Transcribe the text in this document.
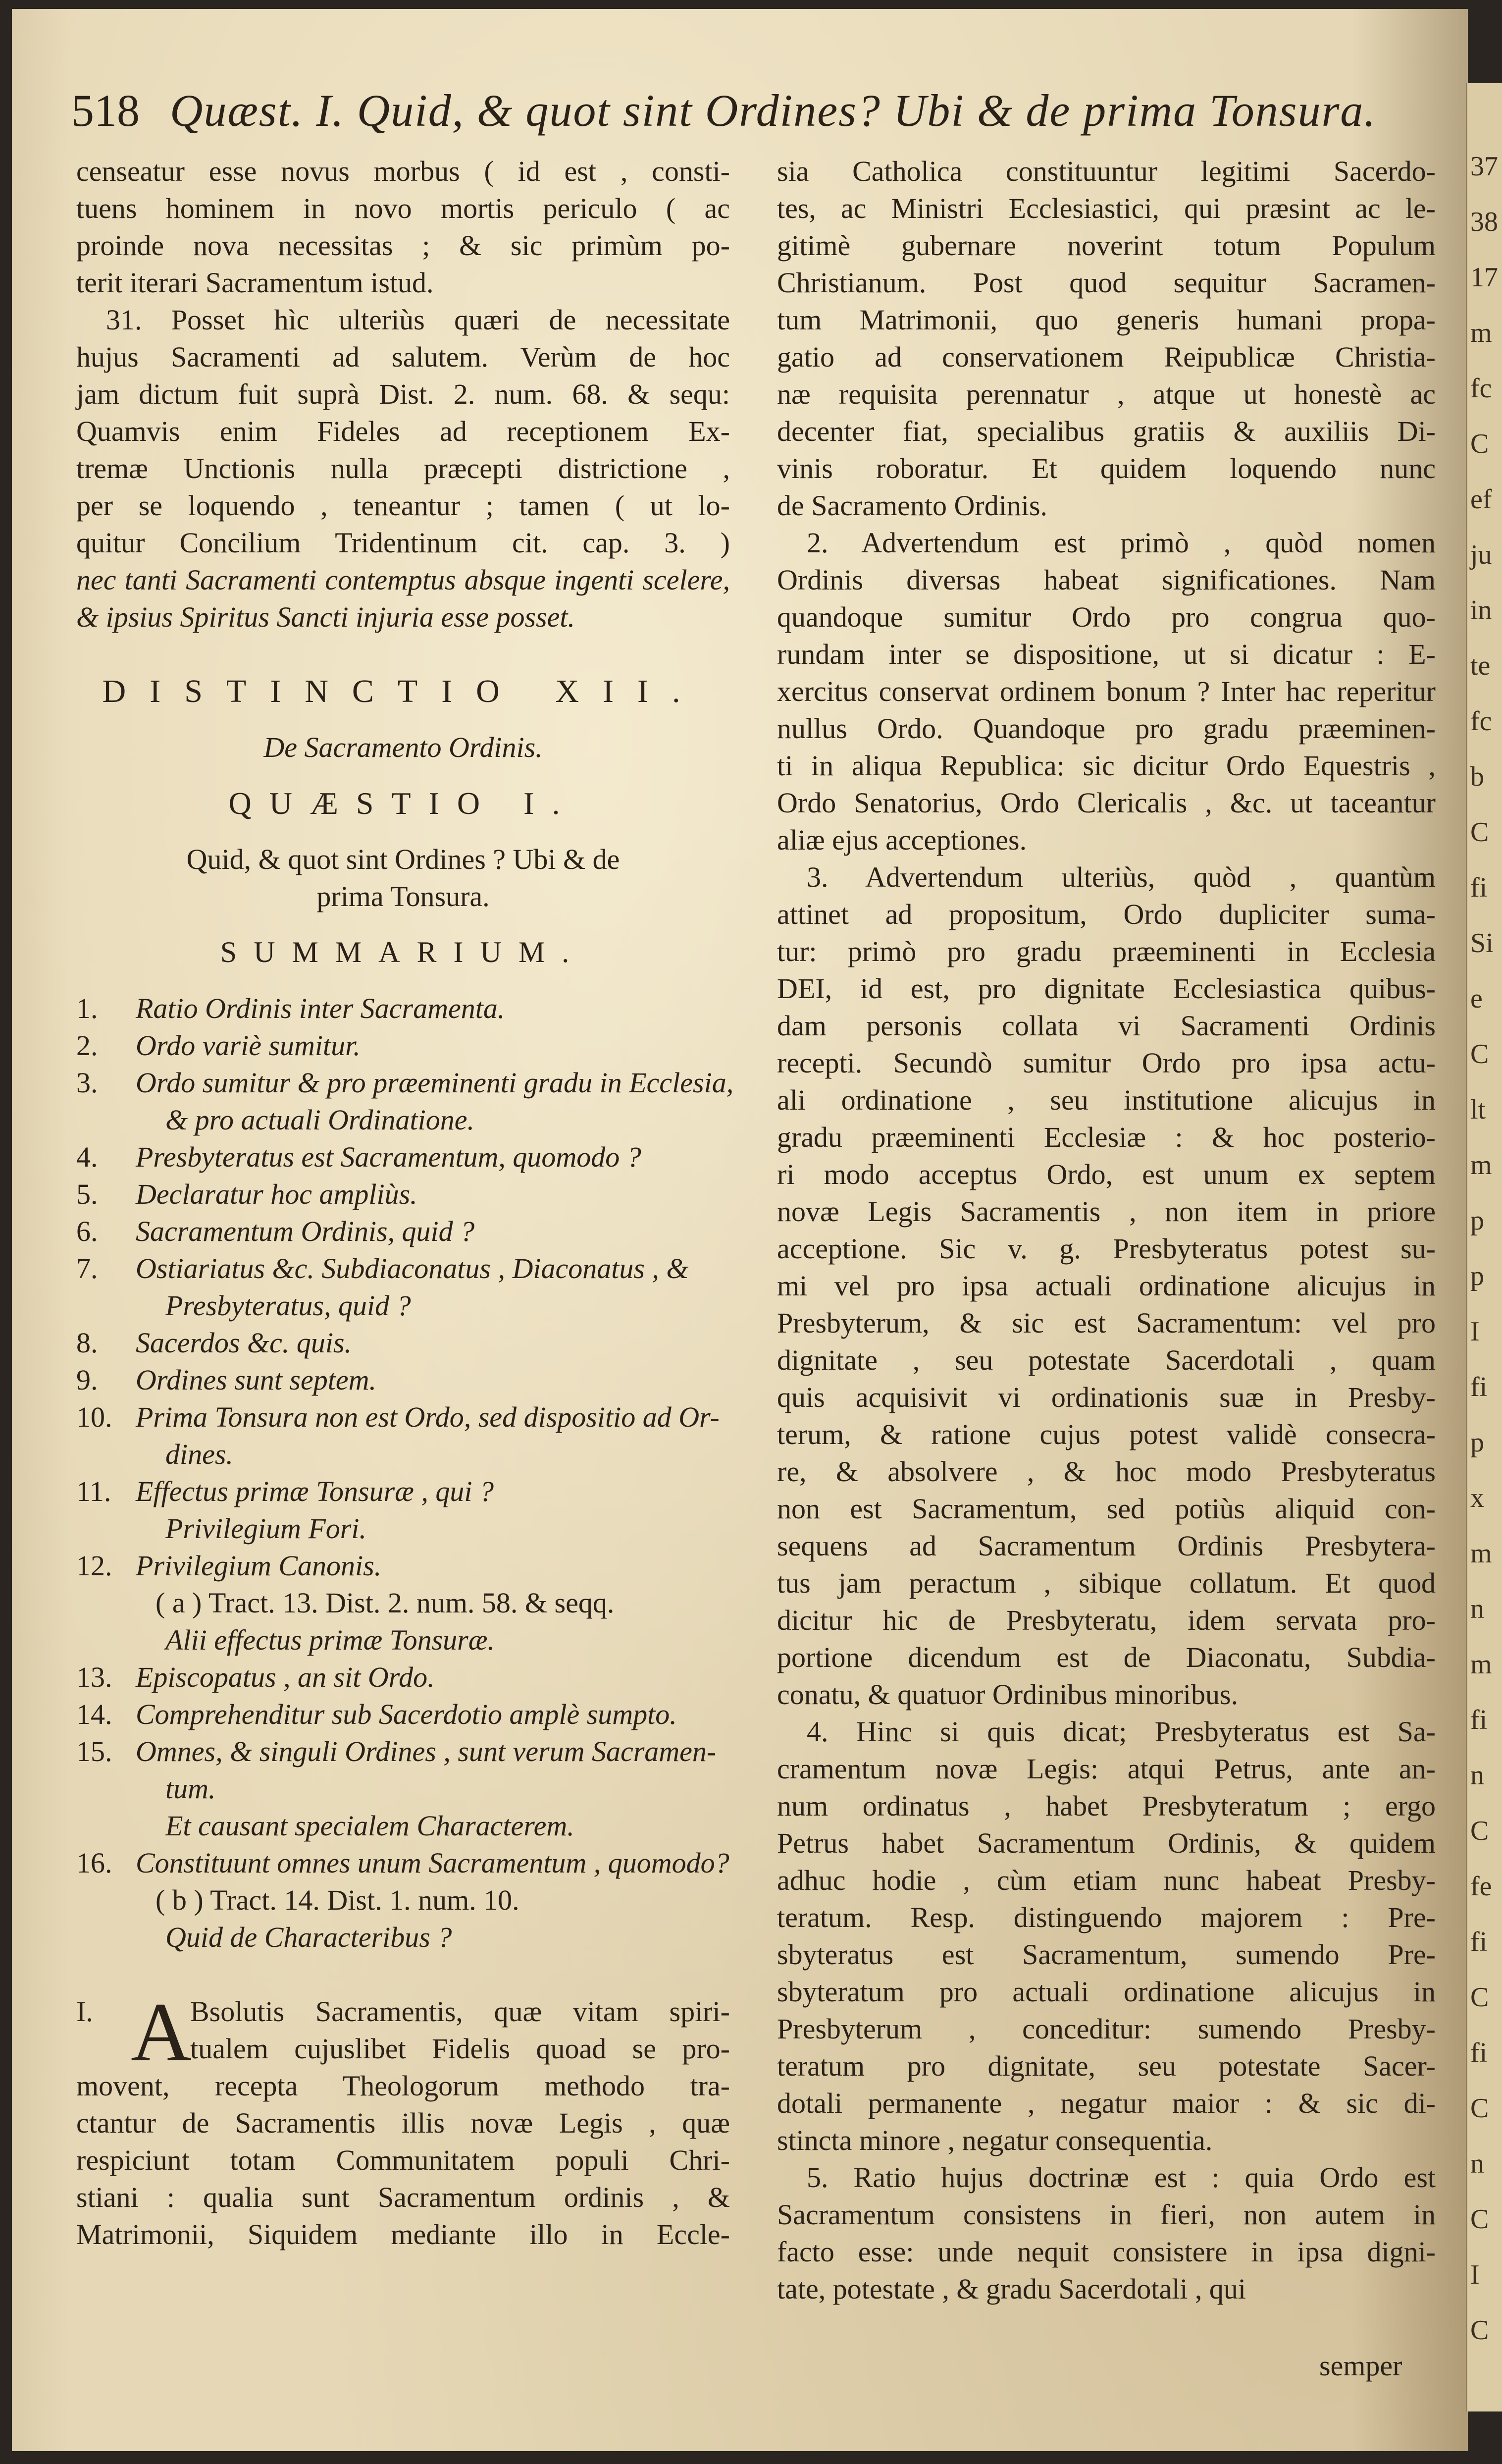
37
38
17
m
fc
C
ef
ju
in
te
fc
b
C
fi
Si
e
C
lt
m
p
p
I
fi
p
x
m
n
m
fi
n
C
fe
fi
C
fi
C
n
C
I
C
518 Quæst. I. Quid, & quot sint Ordines? Ubi & de prima Tonsura.
censeatur esse novus morbus ( id est , consti-
tuens hominem in novo mortis periculo ( ac
proinde nova necessitas ; & sic primùm po-
terit iterari Sacramentum istud.
31. Posset hìc ulteriùs quæri de necessitate
hujus Sacramenti ad salutem. Verùm de hoc
jam dictum fuit suprà Dist. 2. num. 68. & sequ:
Quamvis enim Fideles ad receptionem Ex-
tremæ Unctionis nulla præcepti districtione ,
per se loquendo , teneantur ; tamen ( ut lo-
quitur Concilium Tridentinum cit. cap. 3. )
nec tanti Sacramenti contemptus absque ingenti scelere,
& ipsius Spiritus Sancti injuria esse posset.
DISTINCTIO XII.
De Sacramento Ordinis.
QUÆSTIO I.
Quid, & quot sint Ordines ? Ubi & de
prima Tonsura.
SUMMARIUM.
1. Ratio Ordinis inter Sacramenta.
2. Ordo variè sumitur.
3. Ordo sumitur & pro præeminenti gradu in Ecclesia,
& pro actuali Ordinatione.
4. Presbyteratus est Sacramentum, quomodo ?
5. Declaratur hoc ampliùs.
6. Sacramentum Ordinis, quid ?
7. Ostiariatus &c. Subdiaconatus , Diaconatus , &
Presbyteratus, quid ?
8. Sacerdos &c. quis.
9. Ordines sunt septem.
10. Prima Tonsura non est Ordo, sed dispositio ad Or-
dines.
11. Effectus primæ Tonsuræ , qui ?
Privilegium Fori.
12. Privilegium Canonis.
( a ) Tract. 13. Dist. 2. num. 58. & seqq.
Alii effectus primæ Tonsuræ.
13. Episcopatus , an sit Ordo.
14. Comprehenditur sub Sacerdotio amplè sumpto.
15. Omnes, & singuli Ordines , sunt verum Sacramen-
tum.
Et causant specialem Characterem.
16. Constituunt omnes unum Sacramentum , quomodo?
( b ) Tract. 14. Dist. 1. num. 10.
Quid de Characteribus ?
I. A
Bsolutis Sacramentis, quæ vitam spiri-
tualem cujuslibet Fidelis quoad se pro-
movent, recepta Theologorum methodo tra-
ctantur de Sacramentis illis novæ Legis , quæ
respiciunt totam Communitatem populi Chri-
stiani : qualia sunt Sacramentum ordinis , &
Matrimonii, Siquidem mediante illo in Eccle-
sia Catholica constituuntur legitimi Sacerdo-
tes, ac Ministri Ecclesiastici, qui præsint ac le-
gitimè gubernare noverint totum Populum
Christianum. Post quod sequitur Sacramen-
tum Matrimonii, quo generis humani propa-
gatio ad conservationem Reipublicæ Christia-
næ requisita perennatur , atque ut honestè ac
decenter fiat, specialibus gratiis & auxiliis Di-
vinis roboratur. Et quidem loquendo nunc
de Sacramento Ordinis.
2. Advertendum est primò , quòd nomen
Ordinis diversas habeat significationes. Nam
quandoque sumitur Ordo pro congrua quo-
rundam inter se dispositione, ut si dicatur : E-
xercitus conservat ordinem bonum ? Inter hac reperitur
nullus Ordo. Quandoque pro gradu præeminen-
ti in aliqua Republica: sic dicitur Ordo Equestris ,
Ordo Senatorius, Ordo Clericalis , &c. ut taceantur
aliæ ejus acceptiones.
3. Advertendum ulteriùs, quòd , quantùm
attinet ad propositum, Ordo dupliciter suma-
tur: primò pro gradu præeminenti in Ecclesia
DEI, id est, pro dignitate Ecclesiastica quibus-
dam personis collata vi Sacramenti Ordinis
recepti. Secundò sumitur Ordo pro ipsa actu-
ali ordinatione , seu institutione alicujus in
gradu præeminenti Ecclesiæ : & hoc posterio-
ri modo acceptus Ordo, est unum ex septem
novæ Legis Sacramentis , non item in priore
acceptione. Sic v. g. Presbyteratus potest su-
mi vel pro ipsa actuali ordinatione alicujus in
Presbyterum, & sic est Sacramentum: vel pro
dignitate , seu potestate Sacerdotali , quam
quis acquisivit vi ordinationis suæ in Presby-
terum, & ratione cujus potest validè consecra-
re, & absolvere , & hoc modo Presbyteratus
non est Sacramentum, sed potiùs aliquid con-
sequens ad Sacramentum Ordinis Presbytera-
tus jam peractum , sibique collatum. Et quod
dicitur hic de Presbyteratu, idem servata pro-
portione dicendum est de Diaconatu, Subdia-
conatu, & quatuor Ordinibus minoribus.
4. Hinc si quis dicat; Presbyteratus est Sa-
cramentum novæ Legis: atqui Petrus, ante an-
num ordinatus , habet Presbyteratum ; ergo
Petrus habet Sacramentum Ordinis, & quidem
adhuc hodie , cùm etiam nunc habeat Presby-
teratum. Resp. distinguendo majorem : Pre-
sbyteratus est Sacramentum, sumendo Pre-
sbyteratum pro actuali ordinatione alicujus in
Presbyterum , conceditur: sumendo Presby-
teratum pro dignitate, seu potestate Sacer-
dotali permanente , negatur maior : & sic di-
stincta minore , negatur consequentia.
5. Ratio hujus doctrinæ est : quia Ordo est
Sacramentum consistens in fieri, non autem in
facto esse: unde nequit consistere in ipsa digni-
tate, potestate , & gradu Sacerdotali , qui
semper
